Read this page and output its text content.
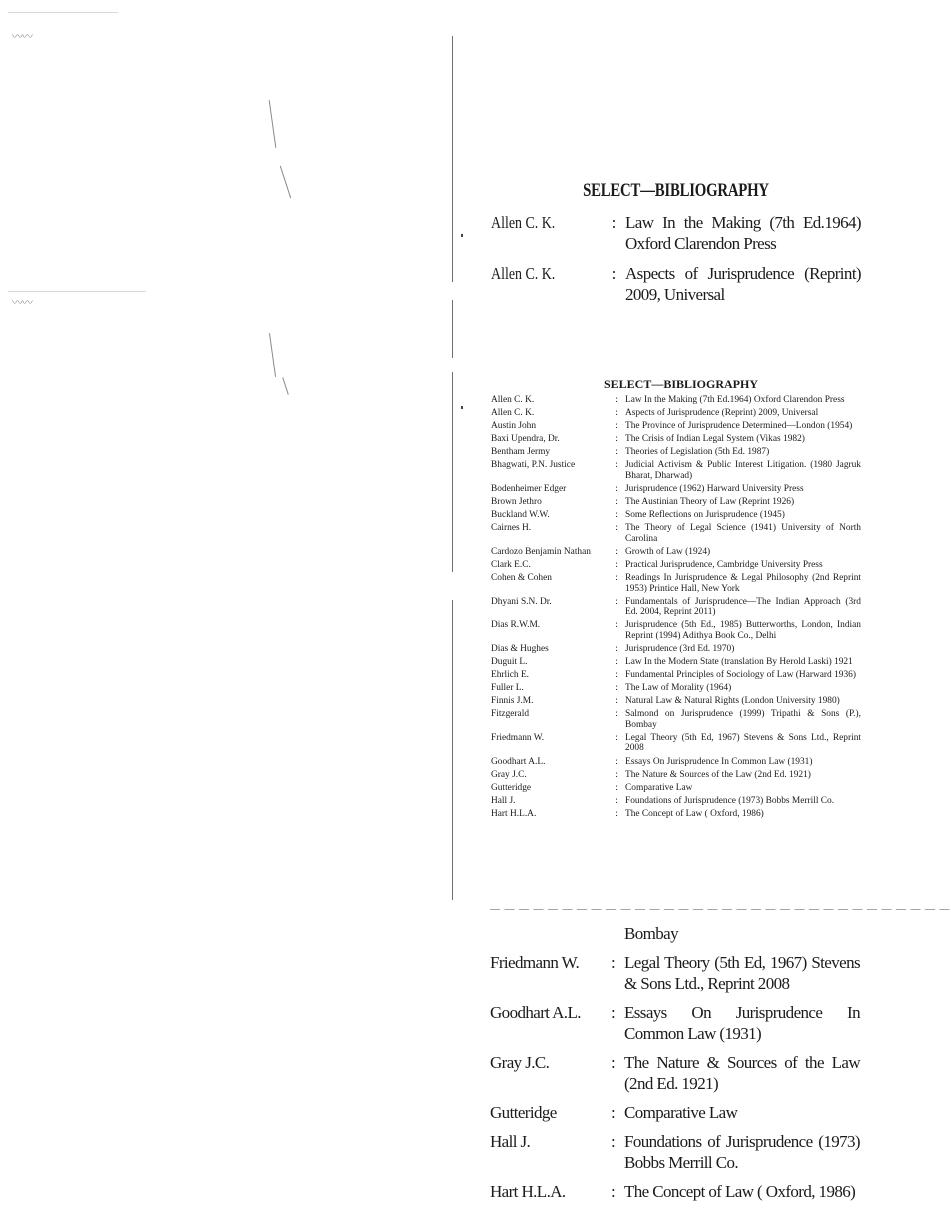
〰〰
〰〰
SELECT—BIBLIOGRAPHY
Allen C. K.	: Law In the Making (7th Ed.1964) Oxford Clarendon Press
Allen C. K.	: Aspects of Jurisprudence (Reprint) 2009, Universal
SELECT—BIBLIOGRAPHY
Allen C. K.	: Law In the Making (7th Ed.1964) Oxford Clarendon Press
Allen C. K.	: Aspects of Jurisprudence (Reprint) 2009, Universal
Austin John	: The Province of Jurisprudence Determined—London (1954)
Baxi Upendra, Dr.	: The Crisis of Indian Legal System (Vikas 1982)
Bentham Jermy	: Theories of Legislation (5th Ed. 1987)
Bhagwati, P.N. Justice	: Judicial Activism & Public Interest Litigation. (1980 Jagruk Bharat, Dharwad)
Bodenheimer Edger	: Jurisprudence (1962) Harward University Press
Brown Jethro	: The Austinian Theory of Law (Reprint 1926)
Buckland W.W.	: Some Reflections on Jurisprudence (1945)
Cairnes H.	: The Theory of Legal Science (1941) University of North Carolina
Cardozo Benjamin Nathan	: Growth of Law (1924)
Clark E.C.	: Practical Jurisprudence, Cambridge University Press
Cohen & Cohen	: Readings In Jurisprudence & Legal Philosophy (2nd Reprint 1953) Printice Hall, New York
Dhyani S.N. Dr.	: Fundamentals of Jurisprudence—The Indian Approach (3rd Ed. 2004, Reprint 2011)
Dias R.W.M.	: Jurisprudence (5th Ed., 1985) Butterworths, London, Indian Reprint (1994) Adithya Book Co., Delhi
Dias & Hughes	: Jurisprudence (3rd Ed. 1970)
Duguit L.	: Law In the Modern State (translation By Herold Laski) 1921
Ehrlich E.	: Fundamental Principles of Sociology of Law (Harward 1936)
Fuller L.	: The Law of Morality (1964)
Finnis J.M.	: Natural Law & Natural Rights (London University 1980)
Fitzgerald	: Salmond on Jurisprudence (1999) Tripathi & Sons (P.), Bombay
Friedmann W.	: Legal Theory (5th Ed, 1967) Stevens & Sons Ltd., Reprint 2008
Goodhart A.L.	: Essays On Jurisprudence In Common Law (1931)
Gray J.C.	: The Nature & Sources of the Law (2nd Ed. 1921)
Gutteridge	: Comparative Law
Hall J.	: Foundations of Jurisprudence (1973) Bobbs Merrill Co.
Hart H.L.A.	: The Concept of Law ( Oxford, 1986)
— — — — — — — — — — — — — — — — — — — — — — — — — — — — — — — —
Bombay
Friedmann W.	: Legal Theory (5th Ed, 1967) Stevens & Sons Ltd., Reprint 2008
Goodhart A.L.	: Essays On Jurisprudence In Common Law (1931)
Gray J.C.	: The Nature & Sources of the Law (2nd Ed. 1921)
Gutteridge	: Comparative Law
Hall J.	: Foundations of Jurisprudence (1973) Bobbs Merrill Co.
Hart H.L.A.	: The Concept of Law ( Oxford, 1986)
